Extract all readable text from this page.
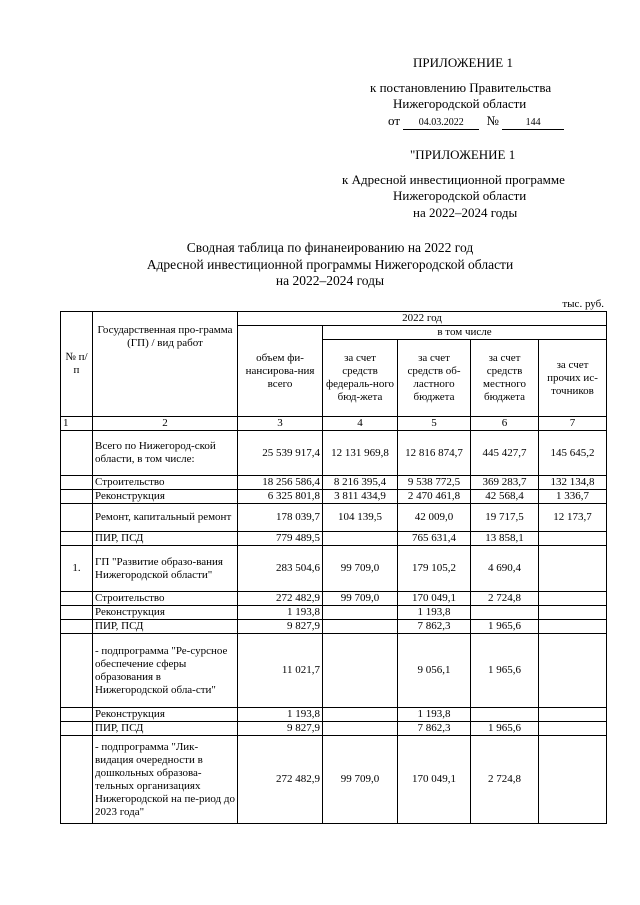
ПРИЛОЖЕНИЕ 1
к постановлению Правительства
Нижегородской области
от 04.03.2022 №	144
"ПРИЛОЖЕНИЕ 1
к Адресной инвестиционной программе
Нижегородской области
на 2022–2024 годы
Сводная таблица по финанеированию на 2022 год
Адресной инвестиционной программы Нижегородской области
на 2022–2024 годы
тыс. руб.
№ п/п	Государственная про-грамма (ГП) / вид работ	2022 год				
		объем фи-нансирова-ния всего	в том числе			
			за счет средств федераль-ного бюд-жета	за счет средств об-ластного бюджета	за счет средств местного бюджета	за счет прочих ис-точников
1	2	3	4	5	6	7
	Всего по Нижегород-ской области, в том числе:	25 539 917,4	12 131 969,8	12 816 874,7	445 427,7	145 645,2
	Строительство	18 256 586,4	8 216 395,4	9 538 772,5	369 283,7	132 134,8
	Реконструкция	6 325 801,8	3 811 434,9	2 470 461,8	42 568,4	1 336,7
	Ремонт, капитальный ремонт	178 039,7	104 139,5	42 009,0	19 717,5	12 173,7
	ПИР, ПСД	779 489,5		765 631,4	13 858,1	
1.	ГП "Развитие образо-вания Нижегородской области"	283 504,6	99 709,0	179 105,2	4 690,4	
	Строительство	272 482,9	99 709,0	170 049,1	2 724,8	
	Реконструкция	1 193,8		1 193,8		
	ПИР, ПСД	9 827,9		7 862,3	1 965,6	
	- подпрограмма "Ре-сурсное обеспечение сферы образования в Нижегородской обла-сти"	11 021,7		9 056,1	1 965,6	
	Реконструкция	1 193,8		1 193,8		
	ПИР, ПСД	9 827,9		7 862,3	1 965,6	
	- подпрограмма "Лик-видация очередности в дошкольных образова-тельных организациях Нижегородской на пе-риод до 2023 года"	272 482,9	99 709,0	170 049,1	2 724,8	
